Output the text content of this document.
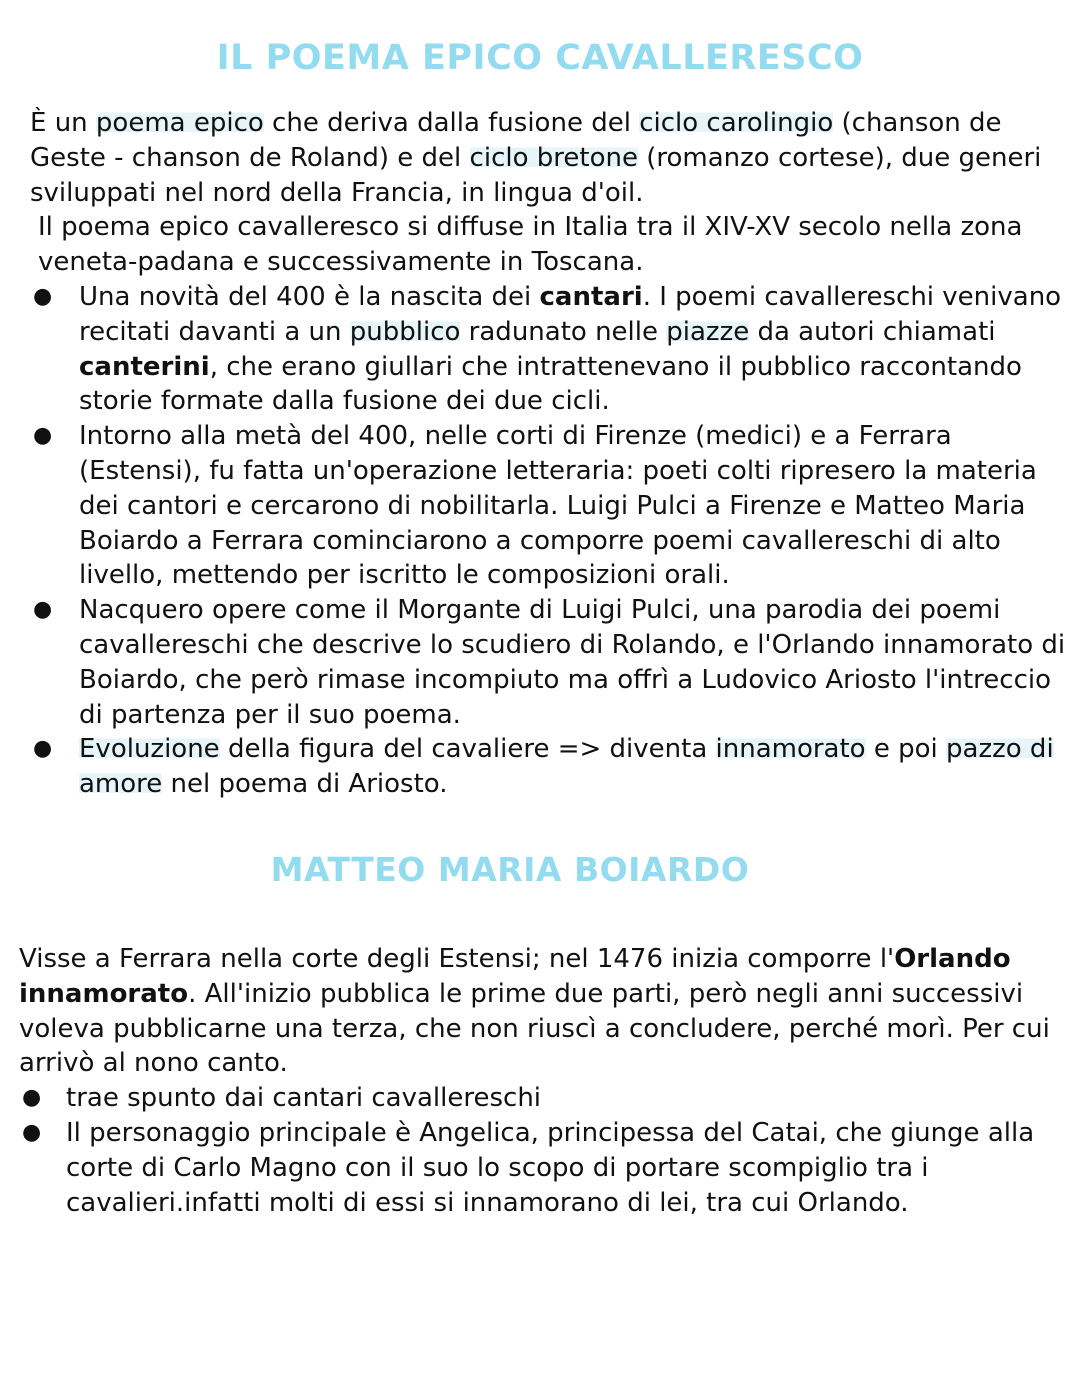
IL POEMA EPICO CAVALLERESCO

È un poema epico che deriva dalla fusione del ciclo carolingio (chanson de Geste - chanson de Roland) e del ciclo bretone (romanzo cortese), due generi sviluppati nel nord della Francia, in lingua d'oil.

Il poema epico cavalleresco si diffuse in Italia tra il XIV-XV secolo nella zona veneta-padana e successivamente in Toscana.

● Una novità del 400 è la nascita dei cantari. I poemi cavallereschi venivano recitati davanti a un pubblico radunato nelle piazze da autori chiamati canterini, che erano giullari che intrattenevano il pubblico raccontando storie formate dalla fusione dei due cicli.
● Intorno alla metà del 400, nelle corti di Firenze (medici) e a Ferrara (Estensi), fu fatta un'operazione letteraria: poeti colti ripresero la materia dei cantori e cercarono di nobilitarla. Luigi Pulci a Firenze e Matteo Maria Boiardo a Ferrara cominciarono a comporre poemi cavallereschi di alto livello, mettendo per iscritto le composizioni orali.
● Nacquero opere come il Morgante di Luigi Pulci, una parodia dei poemi cavallereschi che descrive lo scudiero di Rolando, e l'Orlando innamorato di Boiardo, che però rimase incompiuto ma offrì a Ludovico Ariosto l'intreccio di partenza per il suo poema.
● Evoluzione della figura del cavaliere => diventa innamorato e poi pazzo di amore nel poema di Ariosto.
MATTEO MARIA BOIARDO

Visse a Ferrara nella corte degli Estensi; nel 1476 inizia comporre l'Orlando innamorato. All'inizio pubblica le prime due parti, però negli anni successivi voleva pubblicarne una terza, che non riuscì a concludere, perché morì. Per cui arrivò al nono canto.

● trae spunto dai cantari cavallereschi
● Il personaggio principale è Angelica, principessa del Catai, che giunge alla corte di Carlo Magno con il suo lo scopo di portare scompiglio tra i cavalieri.infatti molti di essi si innamorano di lei, tra cui Orlando.
